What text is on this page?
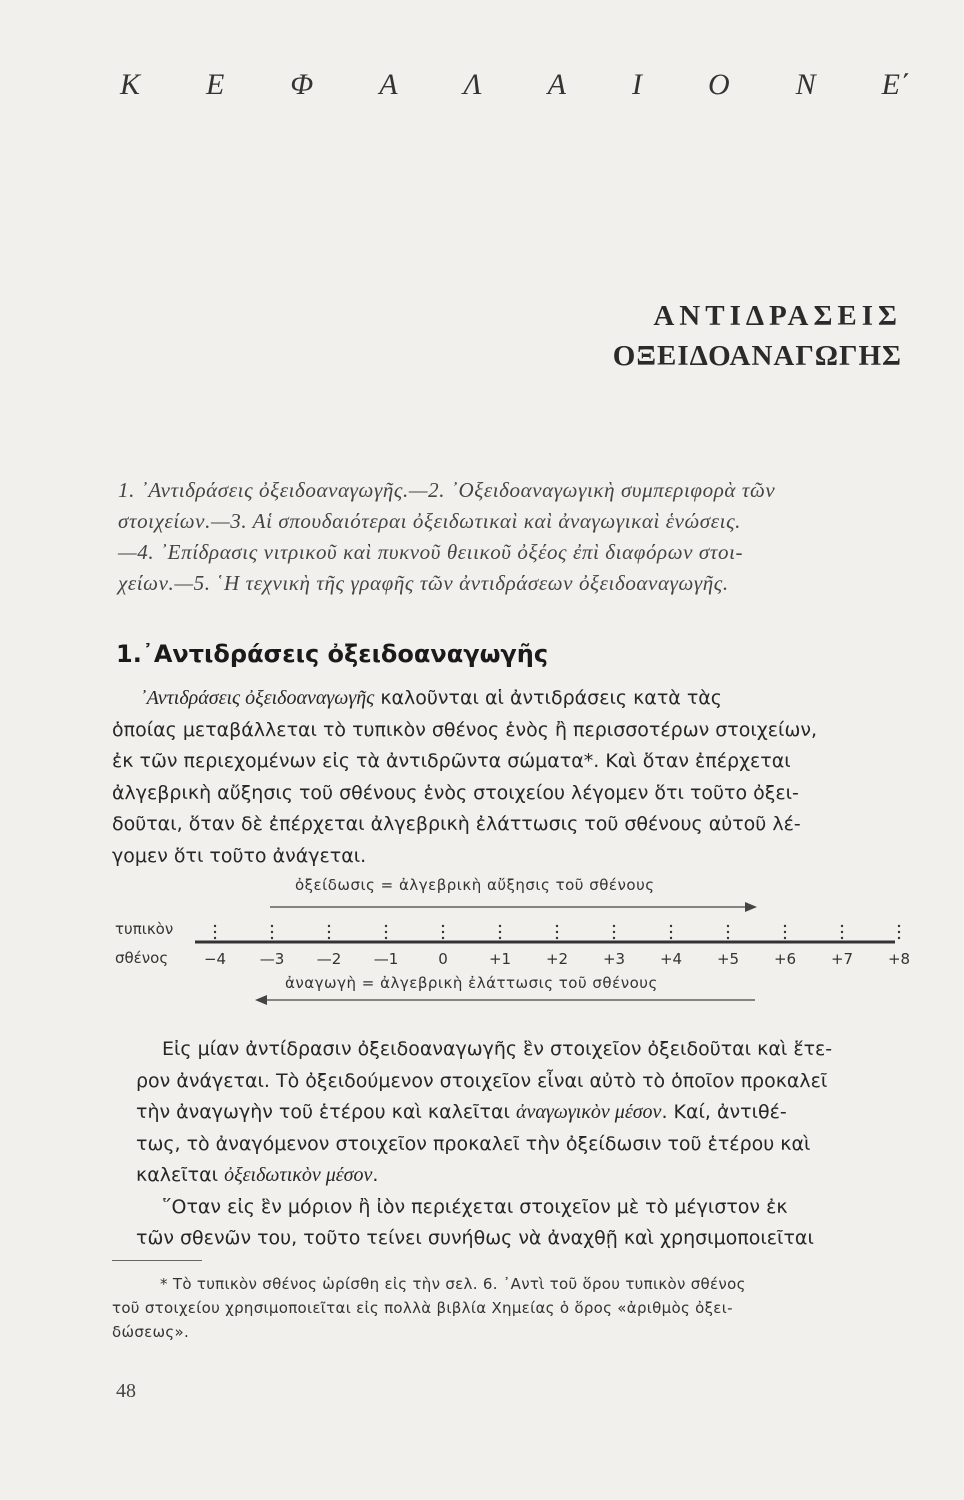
Κ Ε Φ Α Λ Α Ι Ο Ν Ε΄
ΑΝΤΙΔΡΑΣΕΙΣ
ΟΞΕΙΔΟΑΝΑΓΩΓΗΣ
1. ᾿Αντιδράσεις ὀξειδοαναγωγῆς.—2. ᾿Οξειδοαναγωγικὴ συμπεριφορὰ τῶν
στοιχείων.—3. Αἱ σπουδαιότεραι ὀξειδωτικαὶ καὶ ἀναγωγικαὶ ἑνώσεις.
—4. ᾿Επίδρασις νιτρικοῦ καὶ πυκνοῦ θειικοῦ ὀξέος ἐπὶ διαφόρων στοι-
χείων.—5. ῾Η τεχνικὴ τῆς γραφῆς τῶν ἀντιδράσεων ὀξειδοαναγωγῆς.
1.᾿Αντιδράσεις ὀξειδοαναγωγῆς
᾿Αντιδράσεις ὀξειδοαναγωγῆς καλοῦνται αἱ ἀντιδράσεις κατὰ τὰς
ὁποίας μεταβάλλεται τὸ τυπικὸν σθένος ἑνὸς ἢ περισσοτέρων στοιχείων,
ἐκ τῶν περιεχομένων εἰς τὰ ἀντιδρῶντα σώματα*. Καὶ ὅταν ἐπέρχεται
ἀλγεβρικὴ αὔξησις τοῦ σθένους ἑνὸς στοιχείου λέγομεν ὅτι τοῦτο ὀξει-
δοῦται, ὅταν δὲ ἐπέρχεται ἀλγεβρικὴ ἐλάττωσις τοῦ σθένους αὐτοῦ λέ-
γομεν ὅτι τοῦτο ἀνάγεται.
ὀξείδωσις = ἀλγεβρικὴ αὔξησις τοῦ σθένους
τυπικὸν
σθένος	−4	—3	—2	—1	0	+1	+2	+3	+4	+5	+6	+7	+8
ἀναγωγὴ = ἀλγεβρικὴ ἐλάττωσις τοῦ σθένους
Εἰς μίαν ἀντίδρασιν ὀξειδοαναγωγῆς ἓν στοιχεῖον ὀξειδοῦται καὶ ἕτε-
ρον ἀνάγεται. Τὸ ὀξειδούμενον στοιχεῖον εἶναι αὐτὸ τὸ ὁποῖον προκαλεῖ
τὴν ἀναγωγὴν τοῦ ἑτέρου καὶ καλεῖται ἀναγωγικὸν μέσον. Καί, ἀντιθέ-
τως, τὸ ἀναγόμενον στοιχεῖον προκαλεῖ τὴν ὀξείδωσιν τοῦ ἑτέρου καὶ
καλεῖται ὀξειδωτικὸν μέσον.
῞Οταν εἰς ἓν μόριον ἢ ἰὸν περιέχεται στοιχεῖον μὲ τὸ μέγιστον ἐκ
τῶν σθενῶν του, τοῦτο τείνει συνήθως νὰ ἀναχθῇ καὶ χρησιμοποιεῖται
* Τὸ τυπικὸν σθένος ὡρίσθη εἰς τὴν σελ. 6. ᾿Αντὶ τοῦ ὅρου τυπικὸν σθένος
τοῦ στοιχείου χρησιμοποιεῖται εἰς πολλὰ βιβλία Χημείας ὁ ὅρος «ἀριθμὸς ὀξει-
δώσεως».
48
